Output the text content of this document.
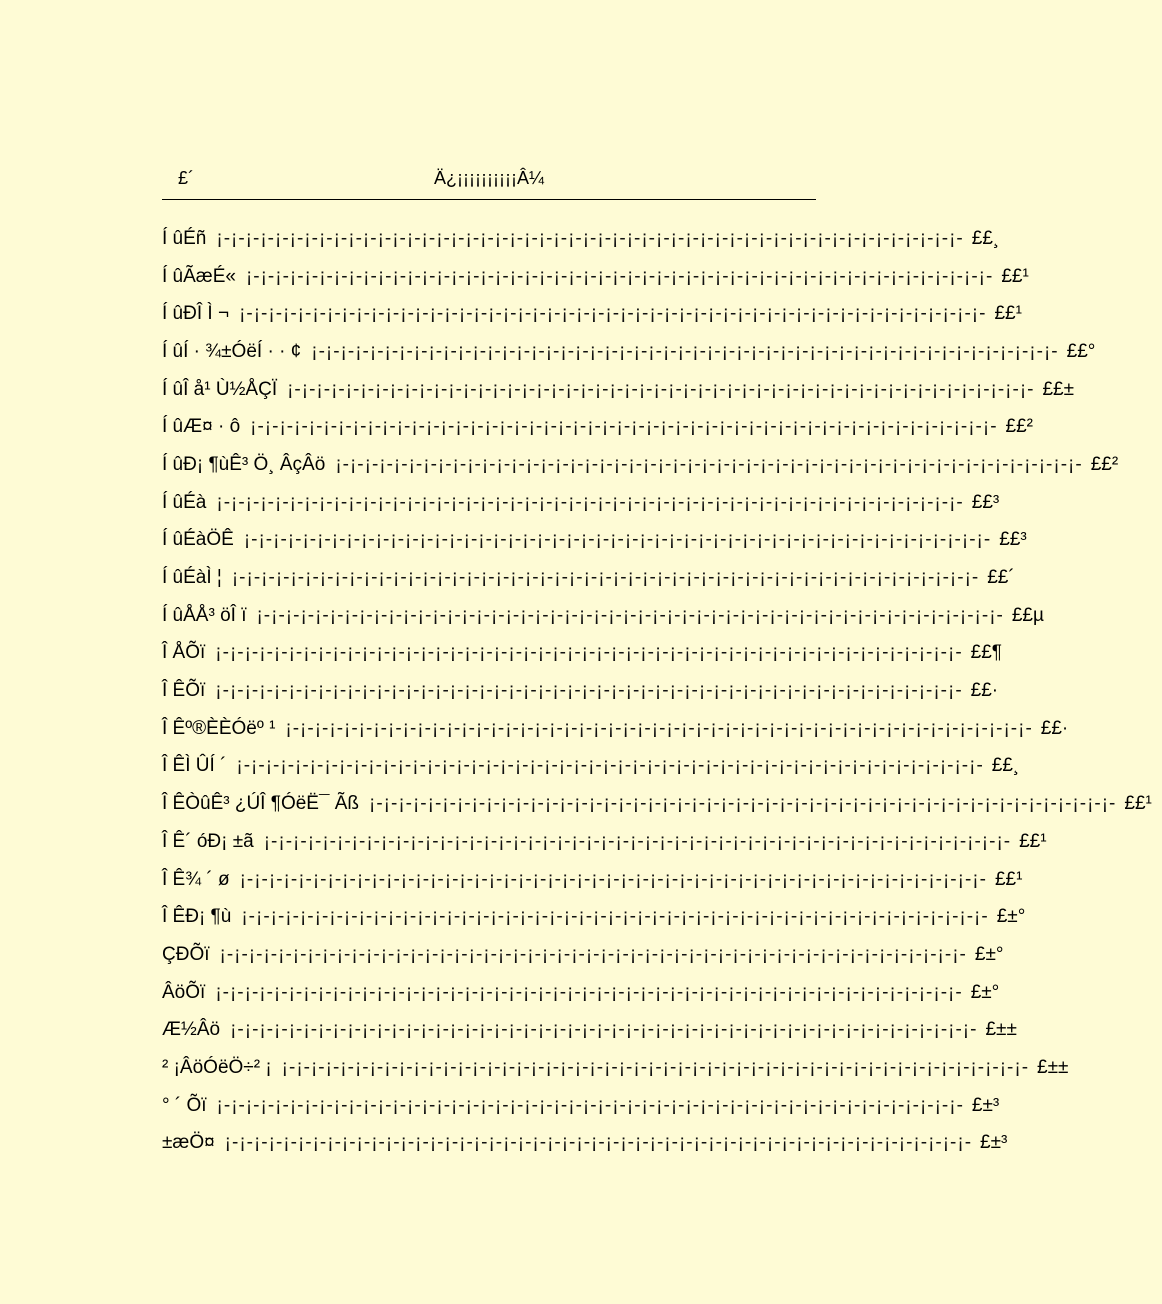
£´	Ä¿¡¡¡¡¡¡¡¡¡¡Â¼
Í ûÉñ ¡-¡-¡-¡-¡-¡-¡-¡-¡-¡-¡-¡-¡-¡-¡-¡-¡-¡-¡-¡-¡-¡-¡-¡-¡-¡-¡-¡-¡-¡-¡-¡-¡-¡-¡-¡-¡-¡-¡-¡-¡-¡-¡-¡-¡-¡-¡-¡-¡-¡-¡- ££¸
Í ûÃæÉ« ¡-¡-¡-¡-¡-¡-¡-¡-¡-¡-¡-¡-¡-¡-¡-¡-¡-¡-¡-¡-¡-¡-¡-¡-¡-¡-¡-¡-¡-¡-¡-¡-¡-¡-¡-¡-¡-¡-¡-¡-¡-¡-¡-¡-¡-¡-¡-¡-¡-¡-¡- ££¹
Í ûÐÎ Ì ¬ ¡-¡-¡-¡-¡-¡-¡-¡-¡-¡-¡-¡-¡-¡-¡-¡-¡-¡-¡-¡-¡-¡-¡-¡-¡-¡-¡-¡-¡-¡-¡-¡-¡-¡-¡-¡-¡-¡-¡-¡-¡-¡-¡-¡-¡-¡-¡-¡-¡-¡-¡- ££¹
Í ûÍ · ¾±ÓëÍ · · ¢ ¡-¡-¡-¡-¡-¡-¡-¡-¡-¡-¡-¡-¡-¡-¡-¡-¡-¡-¡-¡-¡-¡-¡-¡-¡-¡-¡-¡-¡-¡-¡-¡-¡-¡-¡-¡-¡-¡-¡-¡-¡-¡-¡-¡-¡-¡-¡-¡-¡-¡-¡- ££°
Í ûÎ å¹ Ù½ÅÇÏ ¡-¡-¡-¡-¡-¡-¡-¡-¡-¡-¡-¡-¡-¡-¡-¡-¡-¡-¡-¡-¡-¡-¡-¡-¡-¡-¡-¡-¡-¡-¡-¡-¡-¡-¡-¡-¡-¡-¡-¡-¡-¡-¡-¡-¡-¡-¡-¡-¡-¡-¡- ££±
Í ûÆ¤ · ô ¡-¡-¡-¡-¡-¡-¡-¡-¡-¡-¡-¡-¡-¡-¡-¡-¡-¡-¡-¡-¡-¡-¡-¡-¡-¡-¡-¡-¡-¡-¡-¡-¡-¡-¡-¡-¡-¡-¡-¡-¡-¡-¡-¡-¡-¡-¡-¡-¡-¡-¡- ££²
Í ûÐ¡ ¶ùÊ³ Ö¸ ÂçÂö ¡-¡-¡-¡-¡-¡-¡-¡-¡-¡-¡-¡-¡-¡-¡-¡-¡-¡-¡-¡-¡-¡-¡-¡-¡-¡-¡-¡-¡-¡-¡-¡-¡-¡-¡-¡-¡-¡-¡-¡-¡-¡-¡-¡-¡-¡-¡-¡-¡-¡-¡- ££²
Í ûÉà ¡-¡-¡-¡-¡-¡-¡-¡-¡-¡-¡-¡-¡-¡-¡-¡-¡-¡-¡-¡-¡-¡-¡-¡-¡-¡-¡-¡-¡-¡-¡-¡-¡-¡-¡-¡-¡-¡-¡-¡-¡-¡-¡-¡-¡-¡-¡-¡-¡-¡-¡- ££³
Í ûÉàÖÊ ¡-¡-¡-¡-¡-¡-¡-¡-¡-¡-¡-¡-¡-¡-¡-¡-¡-¡-¡-¡-¡-¡-¡-¡-¡-¡-¡-¡-¡-¡-¡-¡-¡-¡-¡-¡-¡-¡-¡-¡-¡-¡-¡-¡-¡-¡-¡-¡-¡-¡-¡- ££³
Í ûÉàÌ ¦ ¡-¡-¡-¡-¡-¡-¡-¡-¡-¡-¡-¡-¡-¡-¡-¡-¡-¡-¡-¡-¡-¡-¡-¡-¡-¡-¡-¡-¡-¡-¡-¡-¡-¡-¡-¡-¡-¡-¡-¡-¡-¡-¡-¡-¡-¡-¡-¡-¡-¡-¡- ££´
Í ûÅÅ³ öÎ ï ¡-¡-¡-¡-¡-¡-¡-¡-¡-¡-¡-¡-¡-¡-¡-¡-¡-¡-¡-¡-¡-¡-¡-¡-¡-¡-¡-¡-¡-¡-¡-¡-¡-¡-¡-¡-¡-¡-¡-¡-¡-¡-¡-¡-¡-¡-¡-¡-¡-¡-¡- ££µ
Î ÅÕï ¡-¡-¡-¡-¡-¡-¡-¡-¡-¡-¡-¡-¡-¡-¡-¡-¡-¡-¡-¡-¡-¡-¡-¡-¡-¡-¡-¡-¡-¡-¡-¡-¡-¡-¡-¡-¡-¡-¡-¡-¡-¡-¡-¡-¡-¡-¡-¡-¡-¡-¡- ££¶
Î ÊÕï ¡-¡-¡-¡-¡-¡-¡-¡-¡-¡-¡-¡-¡-¡-¡-¡-¡-¡-¡-¡-¡-¡-¡-¡-¡-¡-¡-¡-¡-¡-¡-¡-¡-¡-¡-¡-¡-¡-¡-¡-¡-¡-¡-¡-¡-¡-¡-¡-¡-¡-¡- ££·
Î Êº®ÈÈÓëº ¹ ¡-¡-¡-¡-¡-¡-¡-¡-¡-¡-¡-¡-¡-¡-¡-¡-¡-¡-¡-¡-¡-¡-¡-¡-¡-¡-¡-¡-¡-¡-¡-¡-¡-¡-¡-¡-¡-¡-¡-¡-¡-¡-¡-¡-¡-¡-¡-¡-¡-¡-¡- ££·
Î ÊÌ ÛÍ ´ ¡-¡-¡-¡-¡-¡-¡-¡-¡-¡-¡-¡-¡-¡-¡-¡-¡-¡-¡-¡-¡-¡-¡-¡-¡-¡-¡-¡-¡-¡-¡-¡-¡-¡-¡-¡-¡-¡-¡-¡-¡-¡-¡-¡-¡-¡-¡-¡-¡-¡-¡- ££¸
Î ÊÒûÊ³ ¿ÚÎ ¶ÓëË¯ Ãß ¡-¡-¡-¡-¡-¡-¡-¡-¡-¡-¡-¡-¡-¡-¡-¡-¡-¡-¡-¡-¡-¡-¡-¡-¡-¡-¡-¡-¡-¡-¡-¡-¡-¡-¡-¡-¡-¡-¡-¡-¡-¡-¡-¡-¡-¡-¡-¡-¡-¡-¡- ££¹
Î Ê´ óÐ¡ ±ã ¡-¡-¡-¡-¡-¡-¡-¡-¡-¡-¡-¡-¡-¡-¡-¡-¡-¡-¡-¡-¡-¡-¡-¡-¡-¡-¡-¡-¡-¡-¡-¡-¡-¡-¡-¡-¡-¡-¡-¡-¡-¡-¡-¡-¡-¡-¡-¡-¡-¡-¡- ££¹
Î Ê¾ ´ ø ¡-¡-¡-¡-¡-¡-¡-¡-¡-¡-¡-¡-¡-¡-¡-¡-¡-¡-¡-¡-¡-¡-¡-¡-¡-¡-¡-¡-¡-¡-¡-¡-¡-¡-¡-¡-¡-¡-¡-¡-¡-¡-¡-¡-¡-¡-¡-¡-¡-¡-¡- ££¹
Î ÊÐ¡ ¶ù ¡-¡-¡-¡-¡-¡-¡-¡-¡-¡-¡-¡-¡-¡-¡-¡-¡-¡-¡-¡-¡-¡-¡-¡-¡-¡-¡-¡-¡-¡-¡-¡-¡-¡-¡-¡-¡-¡-¡-¡-¡-¡-¡-¡-¡-¡-¡-¡-¡-¡-¡- £±°
ÇÐÕï ¡-¡-¡-¡-¡-¡-¡-¡-¡-¡-¡-¡-¡-¡-¡-¡-¡-¡-¡-¡-¡-¡-¡-¡-¡-¡-¡-¡-¡-¡-¡-¡-¡-¡-¡-¡-¡-¡-¡-¡-¡-¡-¡-¡-¡-¡-¡-¡-¡-¡-¡- £±°
ÂöÕï ¡-¡-¡-¡-¡-¡-¡-¡-¡-¡-¡-¡-¡-¡-¡-¡-¡-¡-¡-¡-¡-¡-¡-¡-¡-¡-¡-¡-¡-¡-¡-¡-¡-¡-¡-¡-¡-¡-¡-¡-¡-¡-¡-¡-¡-¡-¡-¡-¡-¡-¡- £±°
Æ½Âö ¡-¡-¡-¡-¡-¡-¡-¡-¡-¡-¡-¡-¡-¡-¡-¡-¡-¡-¡-¡-¡-¡-¡-¡-¡-¡-¡-¡-¡-¡-¡-¡-¡-¡-¡-¡-¡-¡-¡-¡-¡-¡-¡-¡-¡-¡-¡-¡-¡-¡-¡- £±±
² ¡ÂöÓëÖ÷² ¡ ¡-¡-¡-¡-¡-¡-¡-¡-¡-¡-¡-¡-¡-¡-¡-¡-¡-¡-¡-¡-¡-¡-¡-¡-¡-¡-¡-¡-¡-¡-¡-¡-¡-¡-¡-¡-¡-¡-¡-¡-¡-¡-¡-¡-¡-¡-¡-¡-¡-¡-¡- £±±
° ´ Õï ¡-¡-¡-¡-¡-¡-¡-¡-¡-¡-¡-¡-¡-¡-¡-¡-¡-¡-¡-¡-¡-¡-¡-¡-¡-¡-¡-¡-¡-¡-¡-¡-¡-¡-¡-¡-¡-¡-¡-¡-¡-¡-¡-¡-¡-¡-¡-¡-¡-¡-¡- £±³
±æÖ¤ ¡-¡-¡-¡-¡-¡-¡-¡-¡-¡-¡-¡-¡-¡-¡-¡-¡-¡-¡-¡-¡-¡-¡-¡-¡-¡-¡-¡-¡-¡-¡-¡-¡-¡-¡-¡-¡-¡-¡-¡-¡-¡-¡-¡-¡-¡-¡-¡-¡-¡-¡- £±³
